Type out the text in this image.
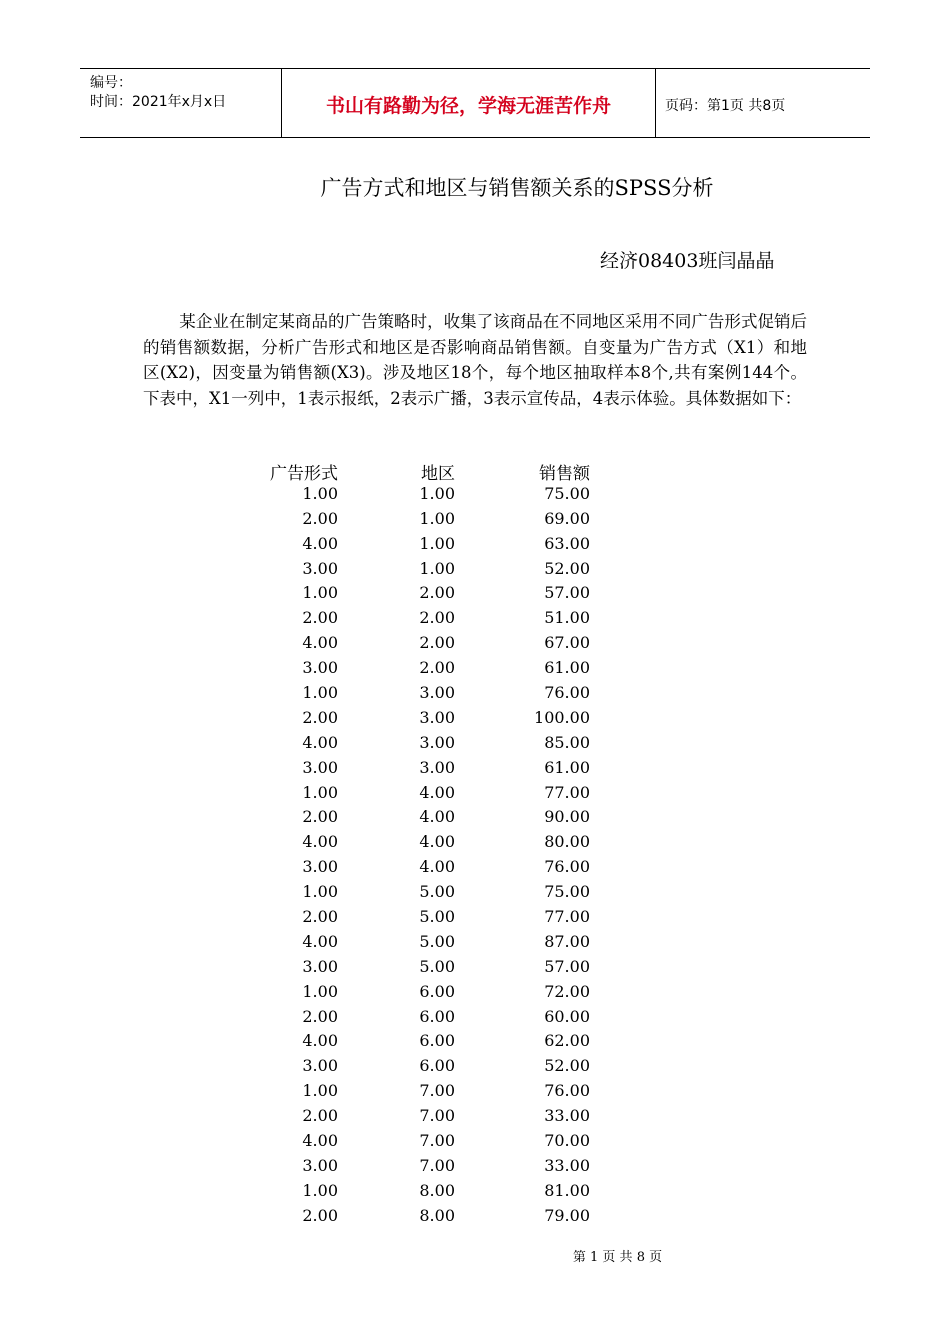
编号：
时间：2021年x月x日	书山有路勤为径，学海无涯苦作舟	页码：第1页 共8页
广告方式和地区与销售额关系的SPSS分析
经济08403班闫晶晶
某企业在制定某商品的广告策略时，收集了该商品在不同地区采用不同广告形式促销后的销售额数据，分析广告形式和地区是否影响商品销售额。自变量为广告方式（X1）和地区(X2)，因变量为销售额(X3)。涉及地区18个，每个地区抽取样本8个,共有案例144个。下表中，X1一列中，1表示报纸，2表示广播，3表示宣传品，4表示体验。具体数据如下：
广告形式	地区	销售额
1.00	1.00	75.00
2.00	1.00	69.00
4.00	1.00	63.00
3.00	1.00	52.00
1.00	2.00	57.00
2.00	2.00	51.00
4.00	2.00	67.00
3.00	2.00	61.00
1.00	3.00	76.00
2.00	3.00	100.00
4.00	3.00	85.00
3.00	3.00	61.00
1.00	4.00	77.00
2.00	4.00	90.00
4.00	4.00	80.00
3.00	4.00	76.00
1.00	5.00	75.00
2.00	5.00	77.00
4.00	5.00	87.00
3.00	5.00	57.00
1.00	6.00	72.00
2.00	6.00	60.00
4.00	6.00	62.00
3.00	6.00	52.00
1.00	7.00	76.00
2.00	7.00	33.00
4.00	7.00	70.00
3.00	7.00	33.00
1.00	8.00	81.00
2.00	8.00	79.00
第 1 页 共 8 页
